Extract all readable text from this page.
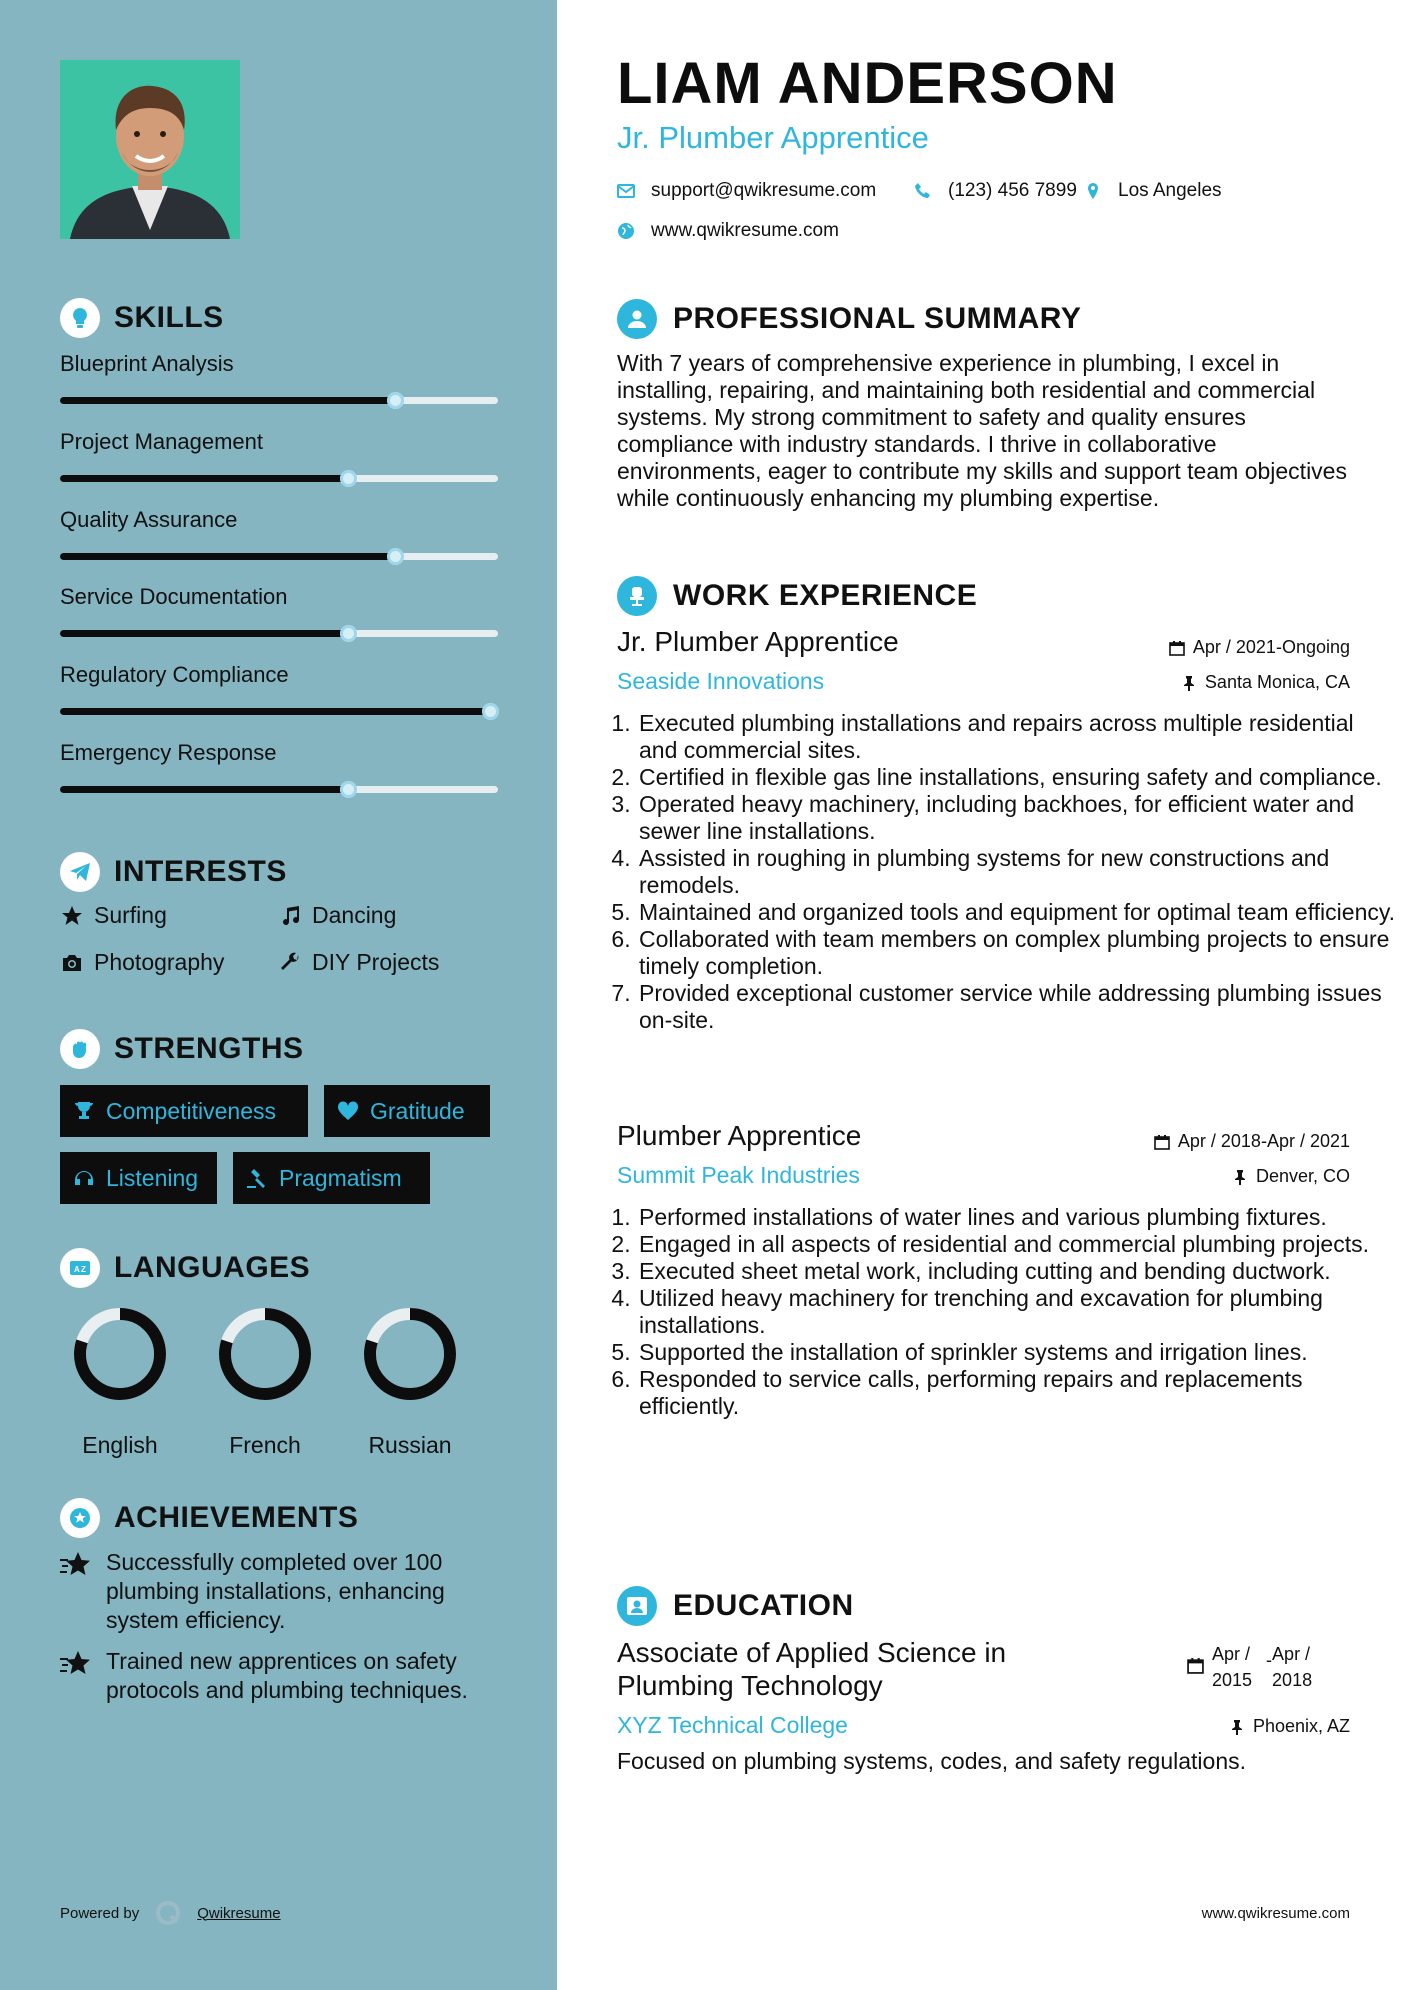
SKILLS
Blueprint Analysis
Project Management
Quality Assurance
Service Documentation
Regulatory Compliance
Emergency Response
INTERESTS
Surfing	Dancing
Photography	DIY Projects
STRENGTHS
Competitiveness	Gratitude
Listening	Pragmatism
A Z LANGUAGES
English	French	Russian
ACHIEVEMENTS
Successfully completed over 100 plumbing installations, enhancing system efficiency.
Trained new apprentices on safety protocols and plumbing techniques.
Powered by	Qwikresume
LIAM ANDERSON
Jr. Plumber Apprentice
support@qwikresume.com	(123) 456 7899 Los Angeles
www.qwikresume.com
PROFESSIONAL SUMMARY
With 7 years of comprehensive experience in plumbing, I excel in installing, repairing, and maintaining both residential and commercial systems. My strong commitment to safety and quality ensures compliance with industry standards. I thrive in collaborative environments, eager to contribute my skills and support team objectives while continuously enhancing my plumbing expertise.
WORK EXPERIENCE
Jr. Plumber Apprentice
Seaside Innovations
Apr / 2021-Ongoing
Santa Monica, CA
1. Executed plumbing installations and repairs across multiple residential and commercial sites.
2. Certified in flexible gas line installations, ensuring safety and compliance.
3. Operated heavy machinery, including backhoes, for efficient water and sewer line installations.
4. Assisted in roughing in plumbing systems for new constructions and remodels.
5. Maintained and organized tools and equipment for optimal team efficiency.
6. Collaborated with team members on complex plumbing projects to ensure timely completion.
7. Provided exceptional customer service while addressing plumbing issues on-site.
Plumber Apprentice
Summit Peak Industries
Apr / 2018-Apr / 2021
Denver, CO
1. Performed installations of water lines and various plumbing fixtures.
2. Engaged in all aspects of residential and commercial plumbing projects.
3. Executed sheet metal work, including cutting and bending ductwork.
4. Utilized heavy machinery for trenching and excavation for plumbing installations.
5. Supported the installation of sprinkler systems and irrigation lines.
6. Responded to service calls, performing repairs and replacements efficiently.
EDUCATION
Associate of Applied Science in Plumbing Technology
Apr /
2015
- Apr /
2018
XYZ Technical College	Phoenix, AZ
Focused on plumbing systems, codes, and safety regulations.
www.qwikresume.com
